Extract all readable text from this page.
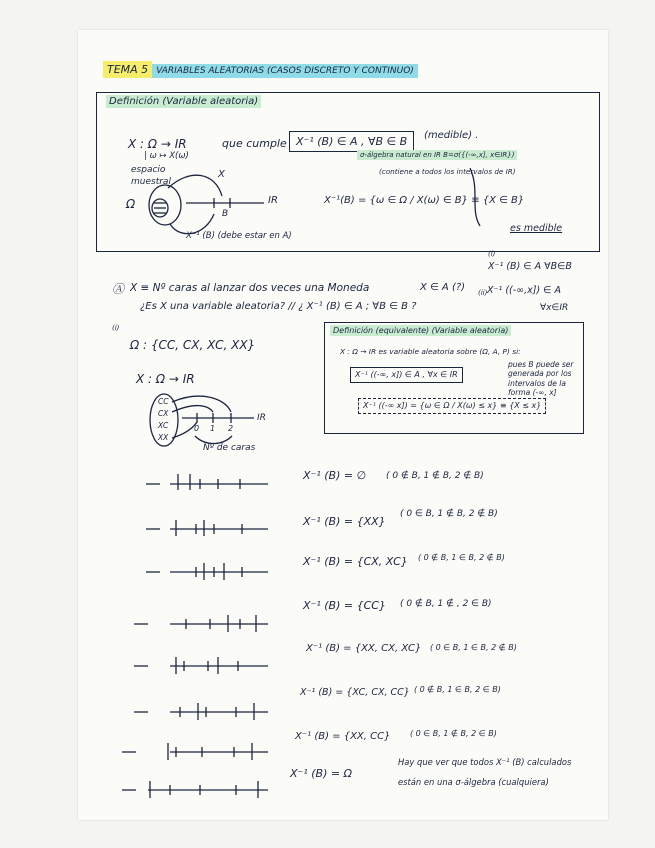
TEMA 5 VARIABLES ALEATORIAS (CASOS DISCRETO Y CONTINUO)
Definición (Variable aleatoria)
X : Ω → IR	que cumple X⁻¹ (B) ∈ A , ∀B ∈ B	(medible) .
| ω ↦ X(ω)
espacio
muestral
σ-álgebra natural en IR B=σ({(-∞,x], x∈IR})
(contiene a todos los intervalos de IR)
X⁻¹(B) = {ω ∈ Ω / X(ω) ∈ B} ≡ {X ∈ B}
Ω
X
IR
B
X⁻¹ (B) (debe estar en A)
es medible
(i)
X⁻¹ (B) ∈ A ∀B∈B
(ii) X⁻¹ ((-∞,x]) ∈ A
∀x∈IR
Ⓐ X ≡ Nº caras al lanzar dos veces una Moneda	X ∈ A (?)
¿Es X una variable aleatoria? // ¿ X⁻¹ (B) ∈ A ; ∀B ∈ B ?
(i)
Ω : {CC, CX, XC, XX}
X : Ω → IR
CC
CX
XC
XX
IR
0 1 2
Nº de caras
Definición (equivalente) (Variable aleatoria)
X : Ω → IR es variable aleatoria sobre (Ω, A, P) si:
X⁻¹ ((-∞, x]) ∈ A , ∀x ∈ IR
pues B puede ser generada por los intervalos de la forma (-∞, x]
X⁻¹ ((-∞ x]) = {ω ∈ Ω / X(ω) ≤ x} ≡ {X ≤ x}
X⁻¹ (B) = ∅ ( 0 ∉ B, 1 ∉ B, 2 ∉ B)
X⁻¹ (B) = {XX}
( 0 ∈ B, 1 ∉ B, 2 ∉ B)
X⁻¹ (B) = {CX, XC} ( 0 ∉ B, 1 ∈ B, 2 ∉ B)
X⁻¹ (B) = {CC} ( 0 ∉ B, 1 ∉ , 2 ∈ B)
X⁻¹ (B) = {XX, CX, XC} ( 0 ∈ B, 1 ∈ B, 2 ∉ B)
X⁻¹ (B) = {XC, CX, CC} ( 0 ∉ B, 1 ∈ B, 2 ∈ B)
X⁻¹ (B) = {XX, CC} ( 0 ∈ B, 1 ∉ B, 2 ∈ B)
X⁻¹ (B) = Ω
Hay que ver que todos X⁻¹ (B) calculados
están en una σ-álgebra (cualquiera)
